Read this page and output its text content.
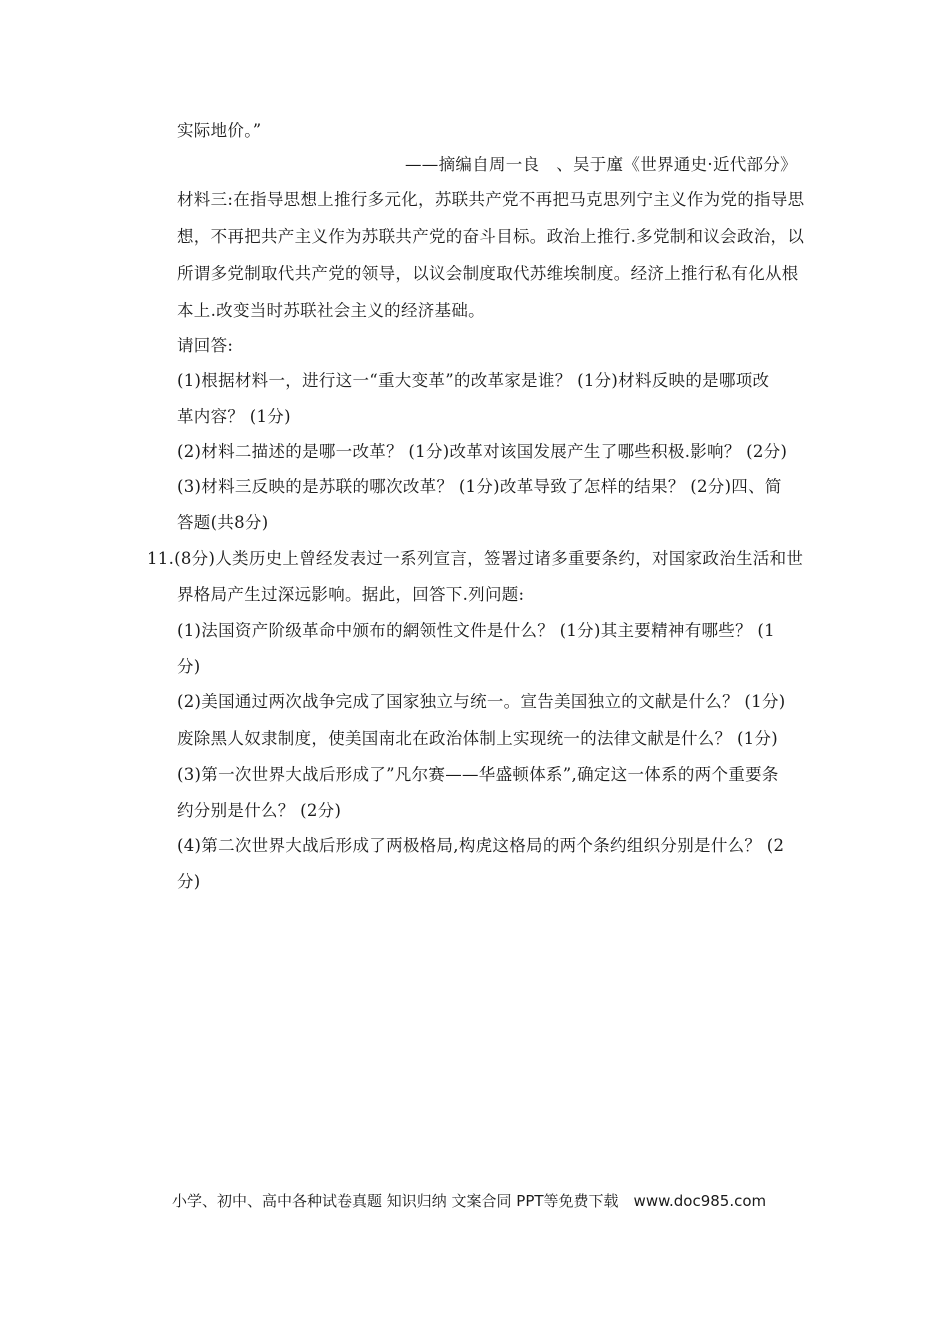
实际地价。”
——摘编自周一良　、吴于廑《世界通史·近代部分》
材料三:在指导思想上推行多元化，苏联共产党不再把马克思列宁主义作为党的指导思
想，不再把共产主义作为苏联共产党的奋斗目标。政治上推行.多党制和议会政治，以
所谓多党制取代共产党的领导，以议会制度取代苏维埃制度。经济上推行私有化从根
本上.改变当时苏联社会主义的经济基础。
请回答:
(1)根据材料一，进行这一“重大变革”的改革家是谁？ (1分)材料反映的是哪项改
革内容？ (1分)
(2)材料二描述的是哪一改革？ (1分)改革对该国发展产生了哪些积极.影响？ (2分)
(3)材料三反映的是苏联的哪次改革？ (1分)改革导致了怎样的结果？ (2分)四、简
答题(共8分)
11.(8分)人类历史上曾经发表过一系列宣言，签署过诸多重要条约，对国家政治生活和世
界格局产生过深远影响。据此，回答下.列问题:
(1)法国资产阶级革命中颁布的網领性文件是什么？ (1分)其主要精神有哪些？ (1
分)
(2)美国通过两次战争完成了国家独立与统一。宣告美国独立的文献是什么？ (1分)
废除黑人奴隶制度，使美国南北在政治体制上实现统一的法律文献是什么？ (1分)
(3)第一次世界大战后形成了”凡尔赛——华盛顿体系”,确定这一体系的两个重要条
约分别是什么？ (2分)
(4)第二次世界大战后形成了两极格局,构虎这格局的两个条约组织分别是什么？ (2
分)
小学、初中、高中各种试卷真题 知识归纳 文案合同 PPT等免费下载　www.doc985.com
